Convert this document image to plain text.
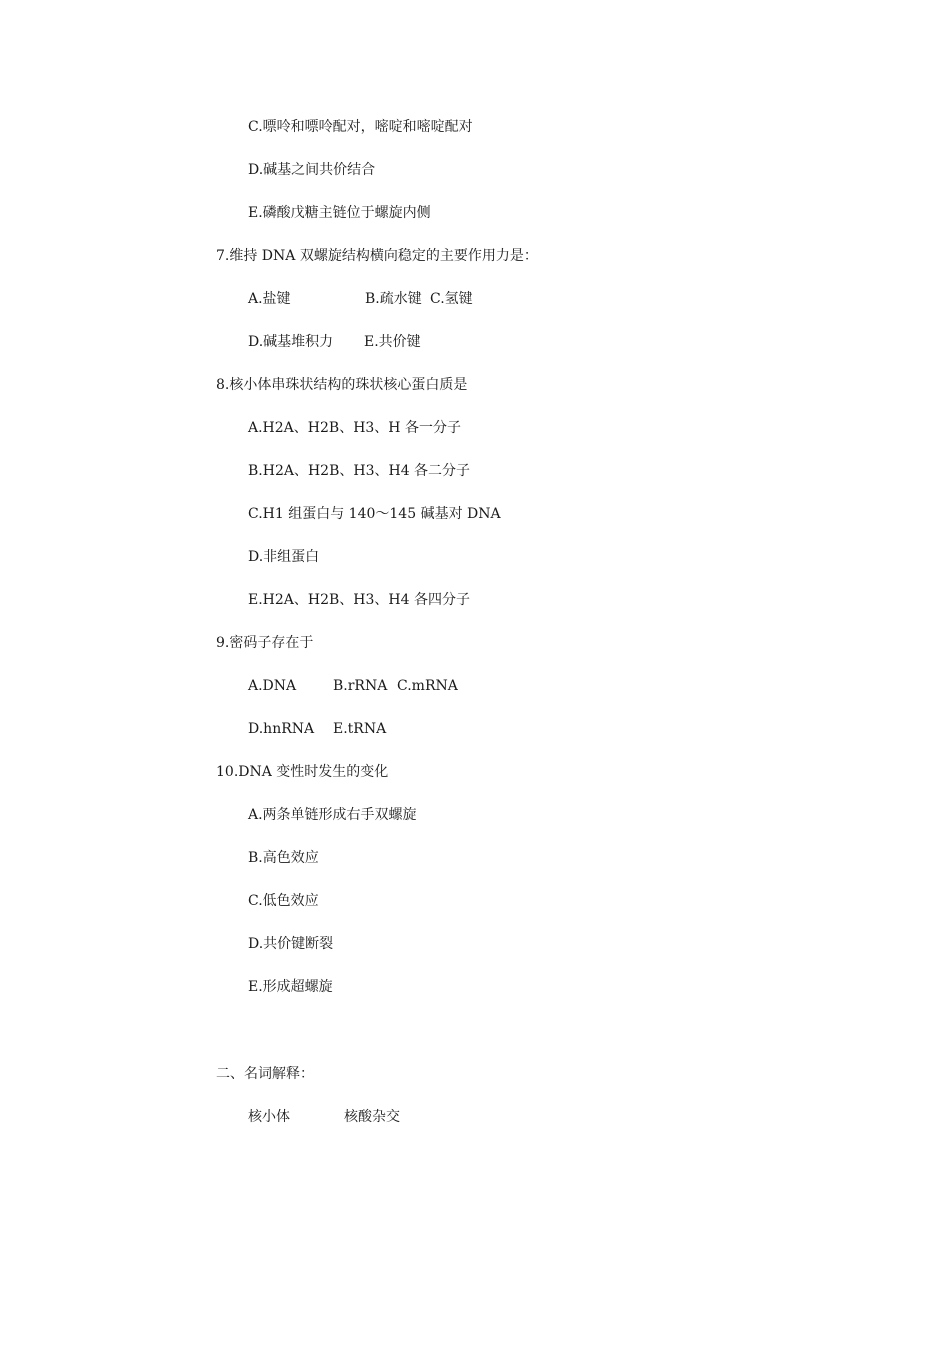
C.嘌呤和嘌呤配对，嘧啶和嘧啶配对
D.碱基之间共价结合
E.磷酸戊糖主链位于螺旋内侧
7.维持 DNA 双螺旋结构横向稳定的主要作用力是：
A.盐键	B.疏水键 C.氢键
D.碱基堆积力 E.共价键
8.核小体串珠状结构的珠状核心蛋白质是
A.H2A、H2B、H3、H 各一分子
B.H2A、H2B、H3、H4 各二分子
C.H1 组蛋白与 140～145 碱基对 DNA
D.非组蛋白
E.H2A、H2B、H3、H4 各四分子
9.密码子存在于
A.DNA	B.rRNA C.mRNA
D.hnRNA E.tRNA
10.DNA 变性时发生的变化
A.两条单链形成右手双螺旋
B.高色效应
C.低色效应
D.共价键断裂
E.形成超螺旋
二、名词解释：
核小体	核酸杂交
